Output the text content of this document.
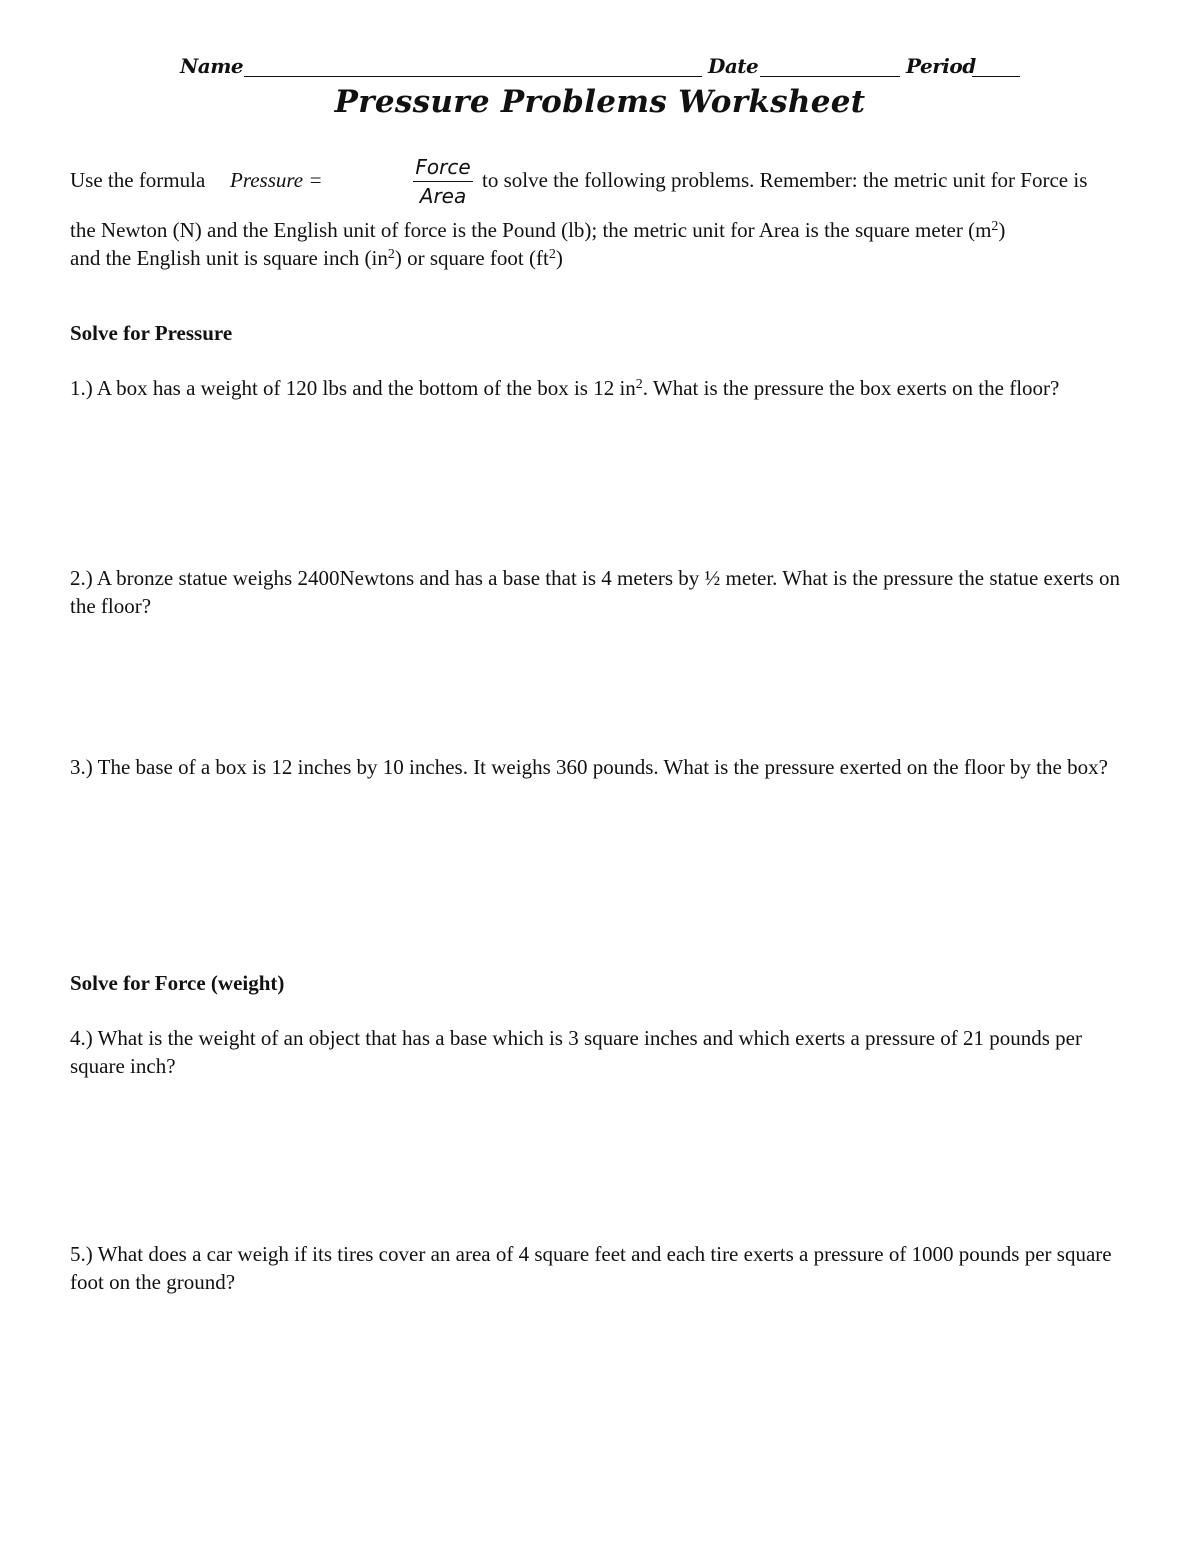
Name	Date	Period
Pressure Problems Worksheet
Use the formula Pressure =
Force
Area
to solve the following problems. Remember: the metric unit for Force is
the Newton (N) and the English unit of force is the Pound (lb); the metric unit for Area is the square meter $(m^2)$
and the English unit is square inch $(in^2)$ or square foot $(ft^2)$
Solve for Pressure
1.) A box has a weight of 120 lbs and the bottom of the box is 12 $in^2$. What is the pressure the box exerts on the floor?
2.) A bronze statue weighs 2400Newtons and has a base that is 4 meters by ½ meter. What is the pressure the statue exerts on the floor?
3.) The base of a box is 12 inches by 10 inches. It weighs 360 pounds. What is the pressure exerted on the floor by the box?
Solve for Force (weight)
4.) What is the weight of an object that has a base which is 3 square inches and which exerts a pressure of 21 pounds per square inch?
5.) What does a car weigh if its tires cover an area of 4 square feet and each tire exerts a pressure of 1000 pounds per square foot on the ground?
